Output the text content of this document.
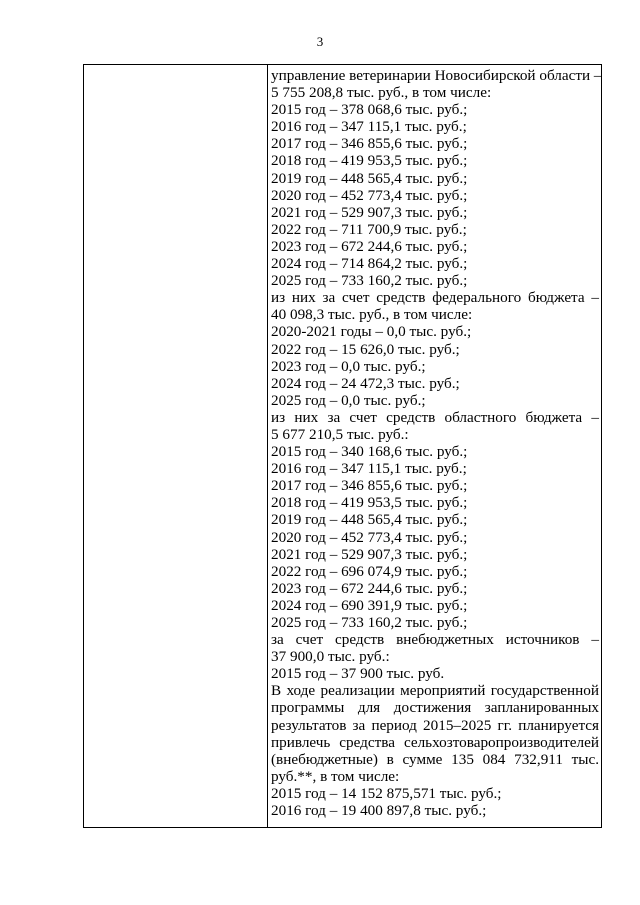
3
управление ветеринарии Новосибирской области –
5 755 208,8 тыс. руб., в том числе:
2015 год – 378 068,6 тыс. руб.;
2016 год – 347 115,1 тыс. руб.;
2017 год – 346 855,6 тыс. руб.;
2018 год – 419 953,5 тыс. руб.;
2019 год – 448 565,4 тыс. руб.;
2020 год – 452 773,4 тыс. руб.;
2021 год – 529 907,3 тыс. руб.;
2022 год – 711 700,9 тыс. руб.;
2023 год – 672 244,6 тыс. руб.;
2024 год – 714 864,2 тыс. руб.;
2025 год – 733 160,2 тыс. руб.;
из них за счет средств федерального бюджета –
40 098,3 тыс. руб., в том числе:
2020-2021 годы – 0,0 тыс. руб.;
2022 год – 15 626,0 тыс. руб.;
2023 год – 0,0 тыс. руб.;
2024 год – 24 472,3 тыс. руб.;
2025 год – 0,0 тыс. руб.;
из них за счет средств областного бюджета –
5 677 210,5 тыс. руб.:
2015 год – 340 168,6 тыс. руб.;
2016 год – 347 115,1 тыс. руб.;
2017 год – 346 855,6 тыс. руб.;
2018 год – 419 953,5 тыс. руб.;
2019 год – 448 565,4 тыс. руб.;
2020 год – 452 773,4 тыс. руб.;
2021 год – 529 907,3 тыс. руб.;
2022 год – 696 074,9 тыс. руб.;
2023 год – 672 244,6 тыс. руб.;
2024 год – 690 391,9 тыс. руб.;
2025 год – 733 160,2 тыс. руб.;
за счет средств внебюджетных источников –
37 900,0 тыс. руб.:
2015 год – 37 900 тыс. руб.
В ходе реализации мероприятий государственной
программы для достижения запланированных
результатов за период 2015–2025 гг. планируется
привлечь средства сельхозтоваропроизводителей
(внебюджетные) в сумме 135 084 732,911 тыс.
руб.**, в том числе:
2015 год – 14 152 875,571 тыс. руб.;
2016 год – 19 400 897,8 тыс. руб.;
